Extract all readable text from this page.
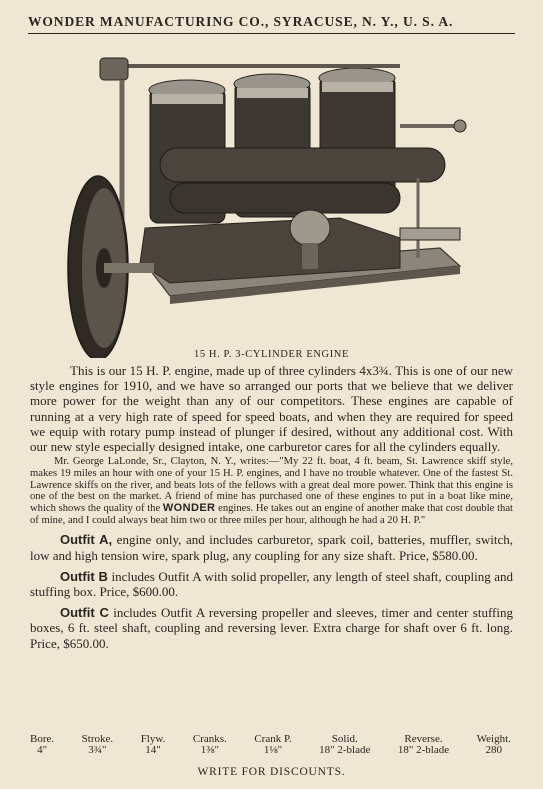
WONDER MANUFACTURING CO., SYRACUSE, N. Y., U. S. A.
15 H. P. 3-CYLINDER ENGINE

This is our 15 H. P. engine, made up of three cylinders 4x3¾. This is one of our new style engines for 1910, and we have so arranged our ports that we believe that we deliver more power for the weight than any of our competitors. These engines are capable of running at a very high rate of speed for speed boats, and when they are required for speed we equip with rotary pump instead of plunger if desired, without any additional cost. With our new style especially designed intake, one carburetor cares for all the cylinders equally.

Mr. George LaLonde, Sr., Clayton, N. Y., writes:—"My 22 ft. boat, 4 ft. beam, St. Lawrence skiff style, makes 19 miles an hour with one of your 15 H. P. engines, and I have no trouble whatever. One of the fastest St. Lawrence skiffs on the river, and beats lots of the fellows with a great deal more power. Think that this engine is one of the best on the market. A friend of mine has purchased one of these engines to put in a boat like mine, which shows the quality of the WONDER engines. He takes out an engine of another make that cost double that of mine, and I could always beat him two or three miles per hour, although he had a 20 H. P."

Outfit A, engine only, and includes carburetor, spark coil, batteries, muffler, switch, low and high tension wire, spark plug, any coupling for any size shaft. Price, $580.00.

Outfit B includes Outfit A with solid propeller, any length of steel shaft, coupling and stuffing box. Price, $600.00.

Outfit C includes Outfit A reversing propeller and sleeves, timer and center stuffing boxes, 6 ft. steel shaft, coupling and reversing lever. Extra charge for shaft over 6 ft. long. Price, $650.00.

Bore.
4"
Stroke.
3¾"
Flyw.
14"
Cranks.
1⅜"
Crank P.
1⅛"
Solid.
18" 2-blade
Reverse.
18" 2-blade
Weight.
280
WRITE FOR DISCOUNTS.
